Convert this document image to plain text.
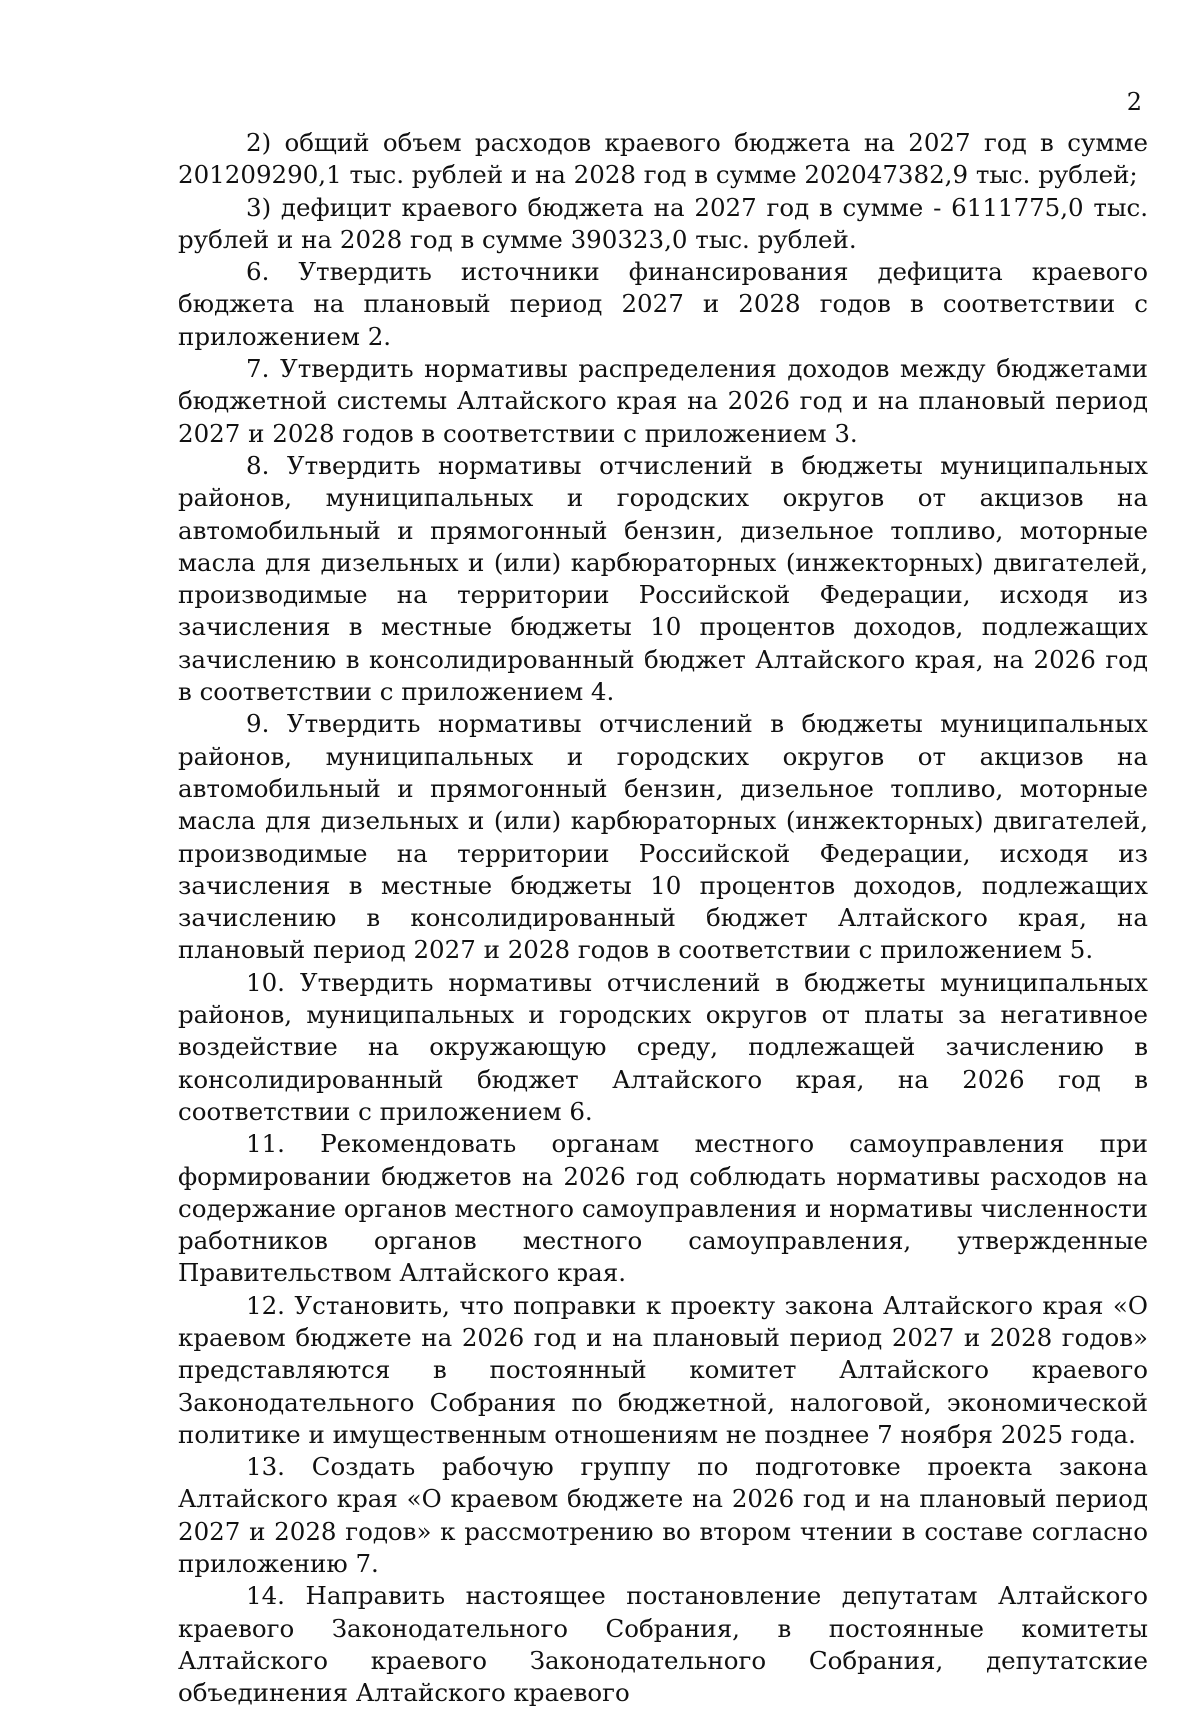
2

2) общий объем расходов краевого бюджета на 2027 год в сумме 201209290,1 тыс. рублей и на 2028 год в сумме 202047382,9 тыс. рублей;

3) дефицит краевого бюджета на 2027 год в сумме - 6111775,0 тыс. рублей и на 2028 год в сумме 390323,0 тыс. рублей.

6. Утвердить источники финансирования дефицита краевого бюджета на плановый период 2027 и 2028 годов в соответствии с приложением 2.

7. Утвердить нормативы распределения доходов между бюджетами бюджетной системы Алтайского края на 2026 год и на плановый период 2027 и 2028 годов в соответствии с приложением 3.

8. Утвердить нормативы отчислений в бюджеты муниципальных районов, муниципальных и городских округов от акцизов на автомобильный и прямогонный бензин, дизельное топливо, моторные масла для дизельных и (или) карбюраторных (инжекторных) двигателей, производимые на территории Российской Федерации, исходя из зачисления в местные бюджеты 10 процентов доходов, подлежащих зачислению в консолидированный бюджет Алтайского края, на 2026 год в соответствии с приложением 4.

9. Утвердить нормативы отчислений в бюджеты муниципальных районов, муниципальных и городских округов от акцизов на автомобильный и прямогонный бензин, дизельное топливо, моторные масла для дизельных и (или) карбюраторных (инжекторных) двигателей, производимые на территории Российской Федерации, исходя из зачисления в местные бюджеты 10 процентов доходов, подлежащих зачислению в консолидированный бюджет Алтайского края, на плановый период 2027 и 2028 годов в соответствии с приложением 5.

10. Утвердить нормативы отчислений в бюджеты муниципальных районов, муниципальных и городских округов от платы за негативное воздействие на окружающую среду, подлежащей зачислению в консолидированный бюджет Алтайского края, на 2026 год в соответствии с приложением 6.

11. Рекомендовать органам местного самоуправления при формировании бюджетов на 2026 год соблюдать нормативы расходов на содержание органов местного самоуправления и нормативы численности работников органов местного самоуправления, утвержденные Правительством Алтайского края.

12. Установить, что поправки к проекту закона Алтайского края «О краевом бюджете на 2026 год и на плановый период 2027 и 2028 годов» представляются в постоянный комитет Алтайского краевого Законодательного Собрания по бюджетной, налоговой, экономической политике и имущественным отношениям не позднее 7 ноября 2025 года.

13. Создать рабочую группу по подготовке проекта закона Алтайского края «О краевом бюджете на 2026 год и на плановый период 2027 и 2028 годов» к рассмотрению во втором чтении в составе согласно приложению 7.

14. Направить настоящее постановление депутатам Алтайского краевого Законодательного Собрания, в постоянные комитеты Алтайского краевого Законодательного Собрания, депутатские объединения Алтайского краевого
